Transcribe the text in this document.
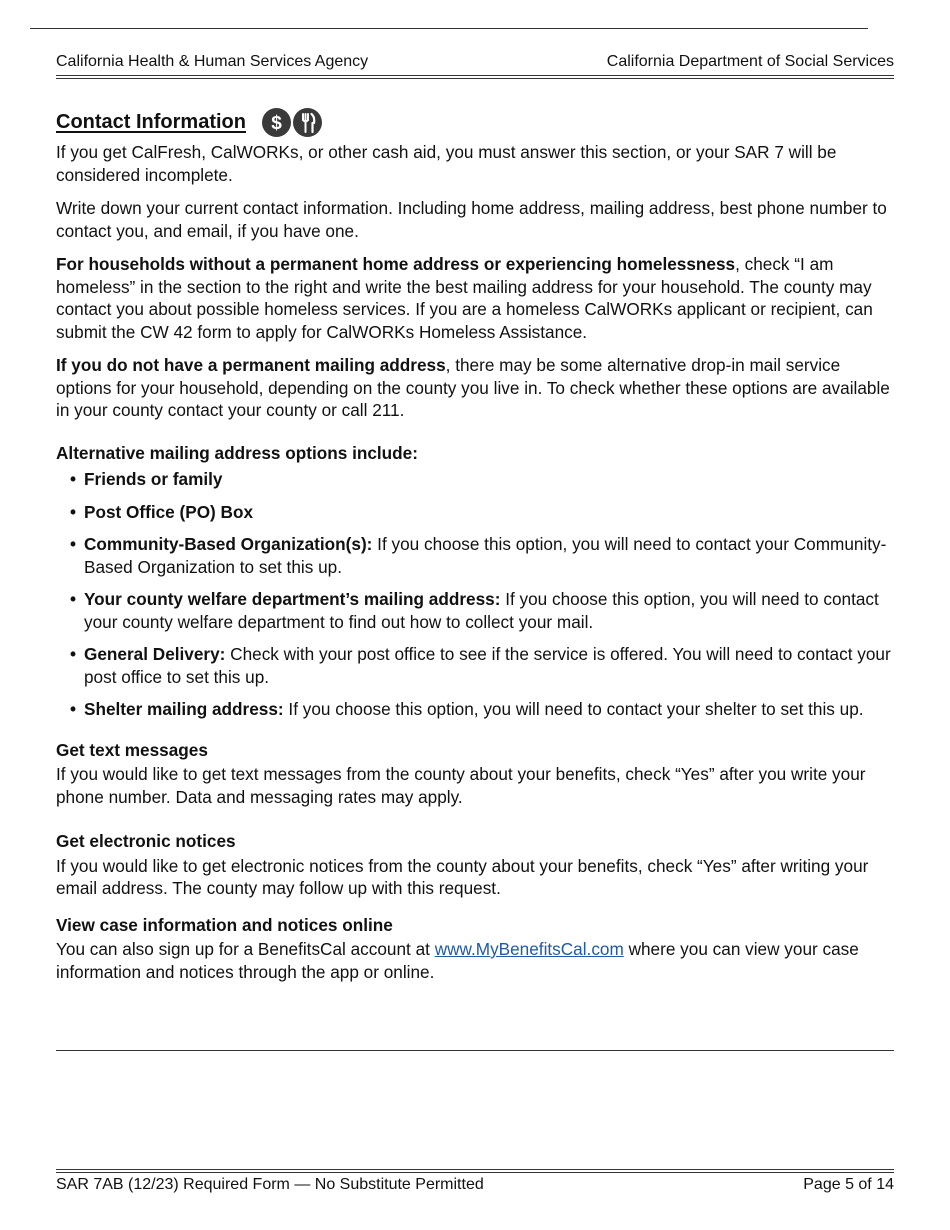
California Health & Human Services Agency	California Department of Social Services
Contact Information $

If you get CalFresh, CalWORKs, or other cash aid, you must answer this section, or your SAR 7 will be considered incomplete.

Write down your current contact information. Including home address, mailing address, best phone number to contact you, and email, if you have one.

For households without a permanent home address or experiencing homelessness, check “I am homeless” in the section to the right and write the best mailing address for your household. The county may contact you about possible homeless services. If you are a homeless CalWORKs applicant or recipient, can submit the CW 42 form to apply for CalWORKs Homeless Assistance.

If you do not have a permanent mailing address, there may be some alternative drop-in mail service options for your household, depending on the county you live in. To check whether these options are available in your county contact your county or call 211.

Alternative mailing address options include:
• Friends or family
• Post Office (PO) Box
• Community-Based Organization(s): If you choose this option, you will need to contact your Community-Based Organization to set this up.
• Your county welfare department’s mailing address: If you choose this option, you will need to contact your county welfare department to find out how to collect your mail.
• General Delivery: Check with your post office to see if the service is offered. You will need to contact your post office to set this up.
• Shelter mailing address: If you choose this option, you will need to contact your shelter to set this up.
Get text messages

If you would like to get text messages from the county about your benefits, check “Yes” after you write your phone number. Data and messaging rates may apply.

Get electronic notices

If you would like to get electronic notices from the county about your benefits, check “Yes” after writing your email address. The county may follow up with this request.

View case information and notices online

You can also sign up for a BenefitsCal account at www.MyBenefitsCal.com where you can view your case information and notices through the app or online.

SAR 7AB (12/23) Required Form — No Substitute Permitted	Page 5 of 14
